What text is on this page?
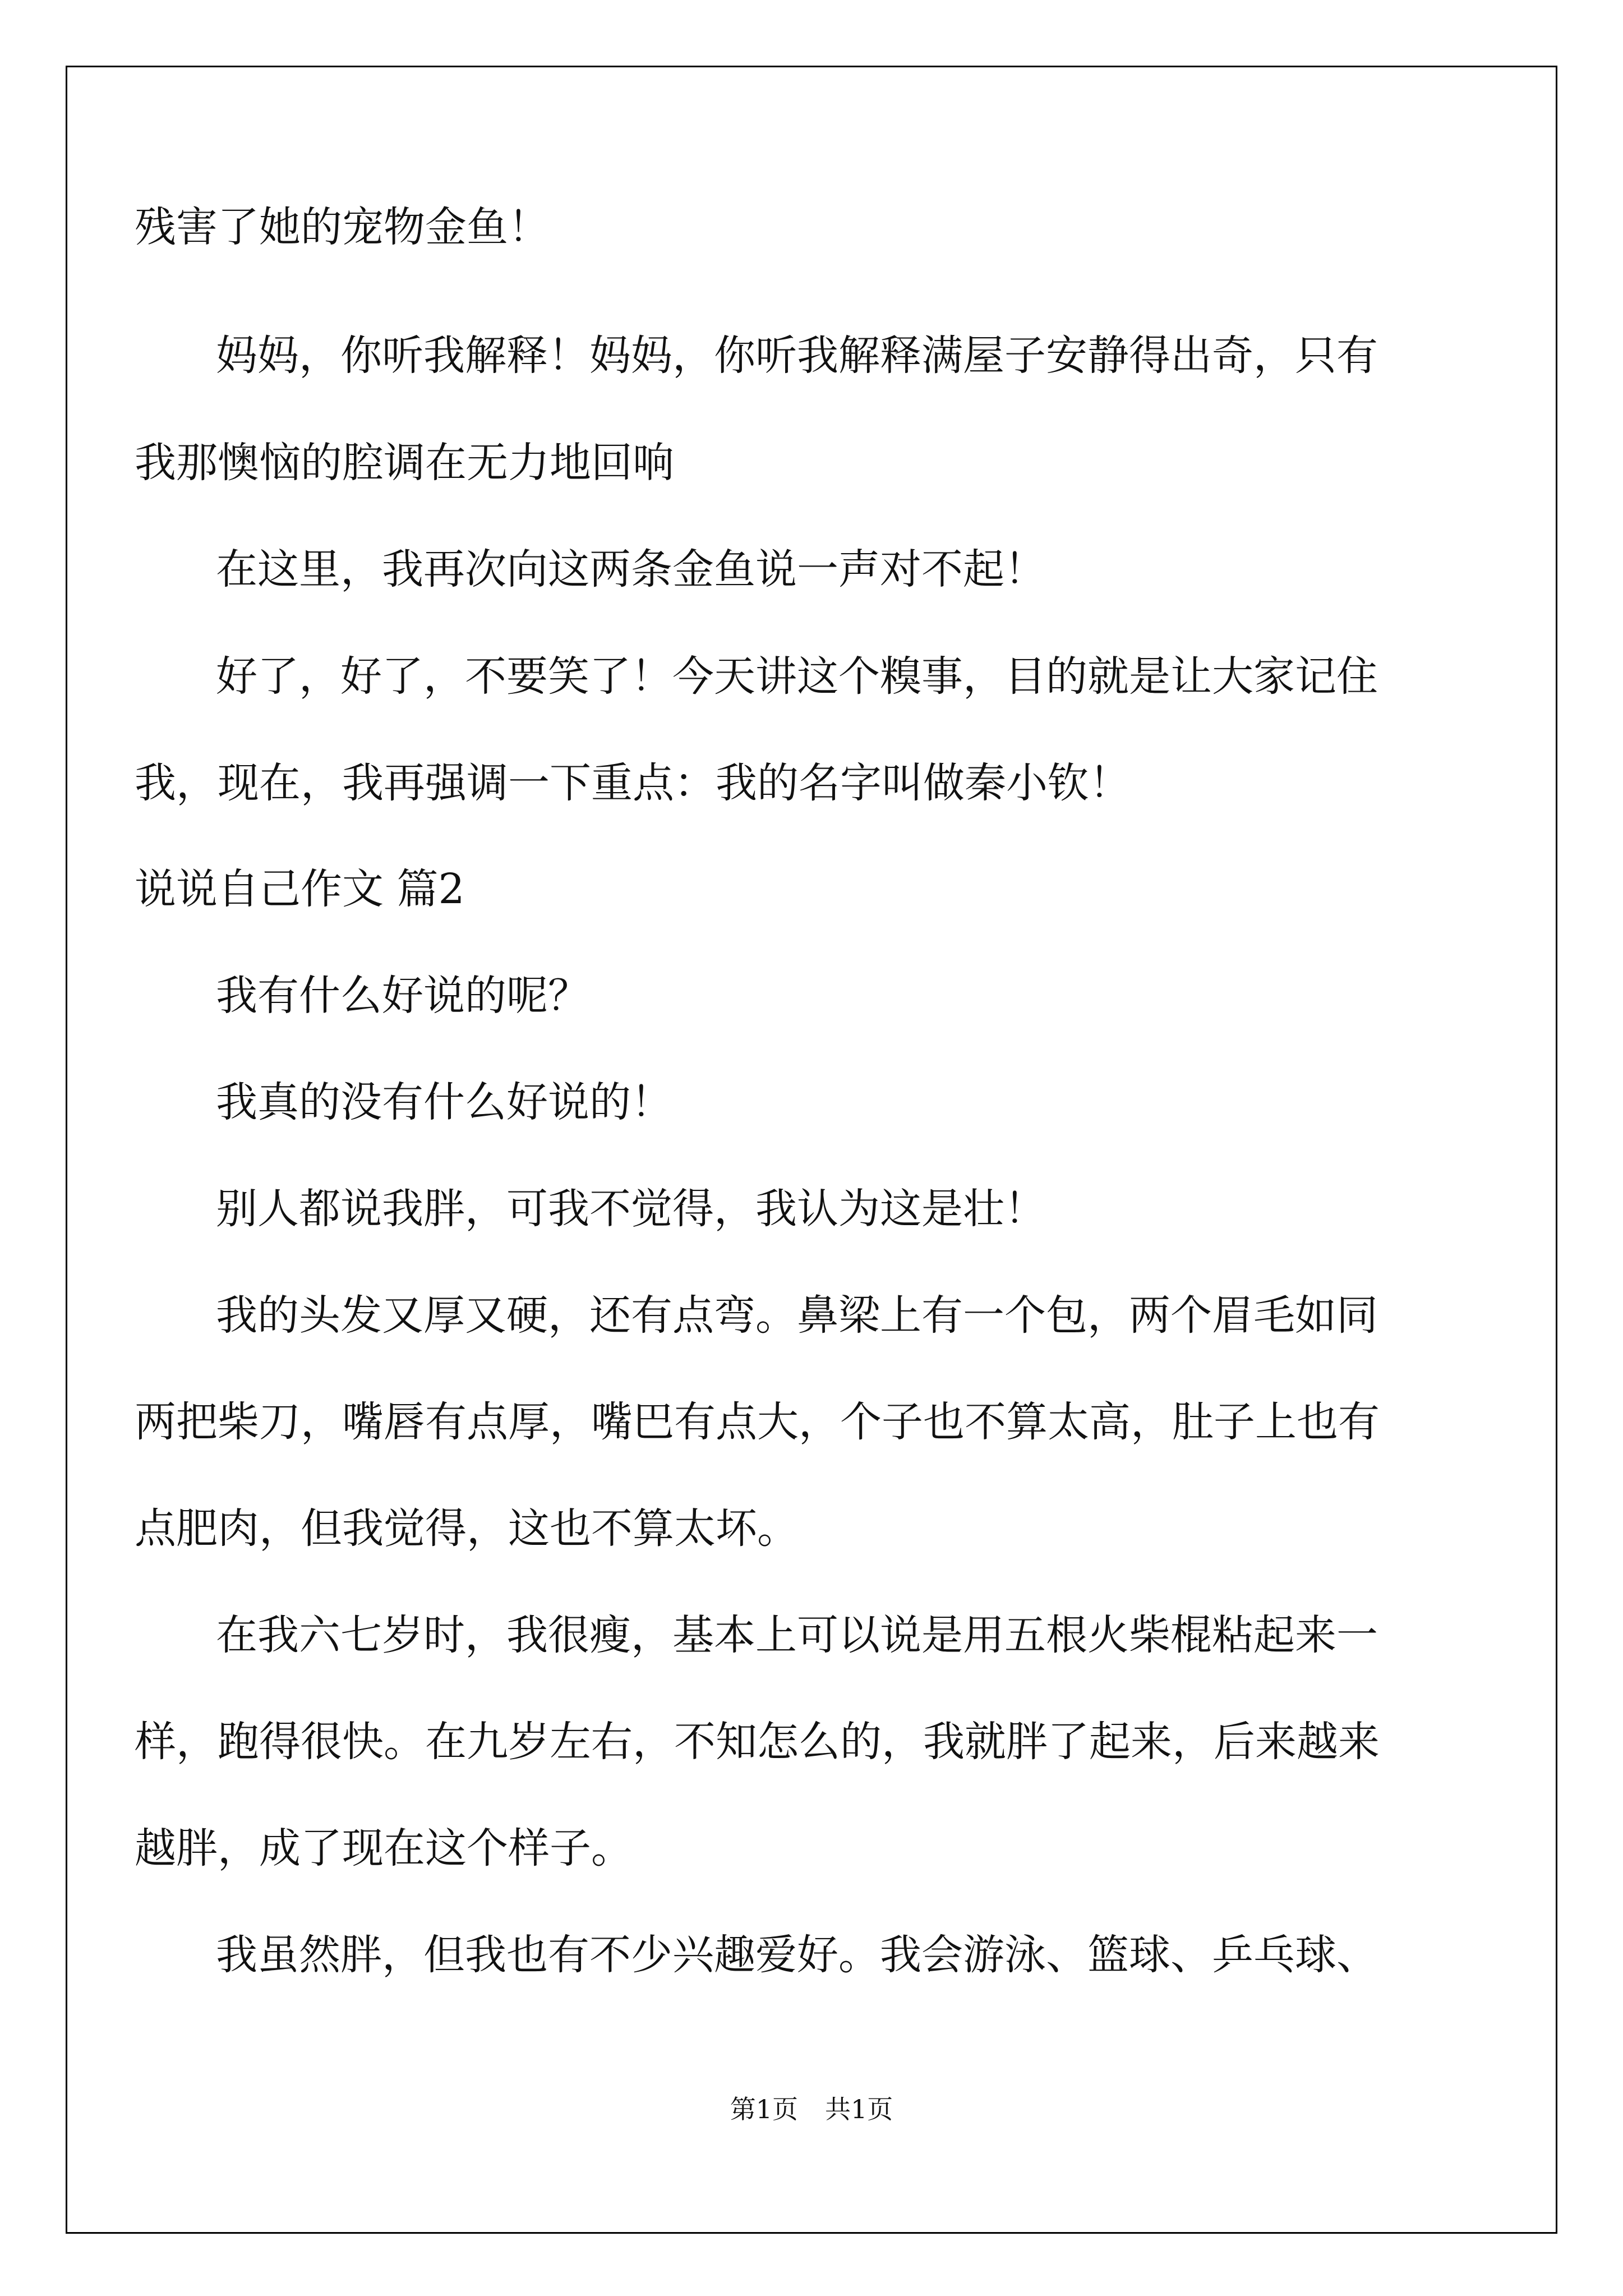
残害了她的宠物金鱼！
妈妈，你听我解释！妈妈，你听我解释满屋子安静得出奇，只有
我那懊恼的腔调在无力地回响
在这里，我再次向这两条金鱼说一声对不起！
好了，好了，不要笑了！今天讲这个糗事，目的就是让大家记住
我，现在，我再强调一下重点：我的名字叫做秦小钦！
说说自己作文 篇2
我有什么好说的呢？
我真的没有什么好说的！
别人都说我胖，可我不觉得，我认为这是壮！
我的头发又厚又硬，还有点弯。鼻梁上有一个包，两个眉毛如同
两把柴刀，嘴唇有点厚，嘴巴有点大，个子也不算太高，肚子上也有
点肥肉，但我觉得，这也不算太坏。
在我六七岁时，我很瘦，基本上可以说是用五根火柴棍粘起来一
样，跑得很快。在九岁左右，不知怎么的，我就胖了起来，后来越来
越胖，成了现在这个样子。
我虽然胖，但我也有不少兴趣爱好。我会游泳、篮球、乒乓球、
第1页 共1页
